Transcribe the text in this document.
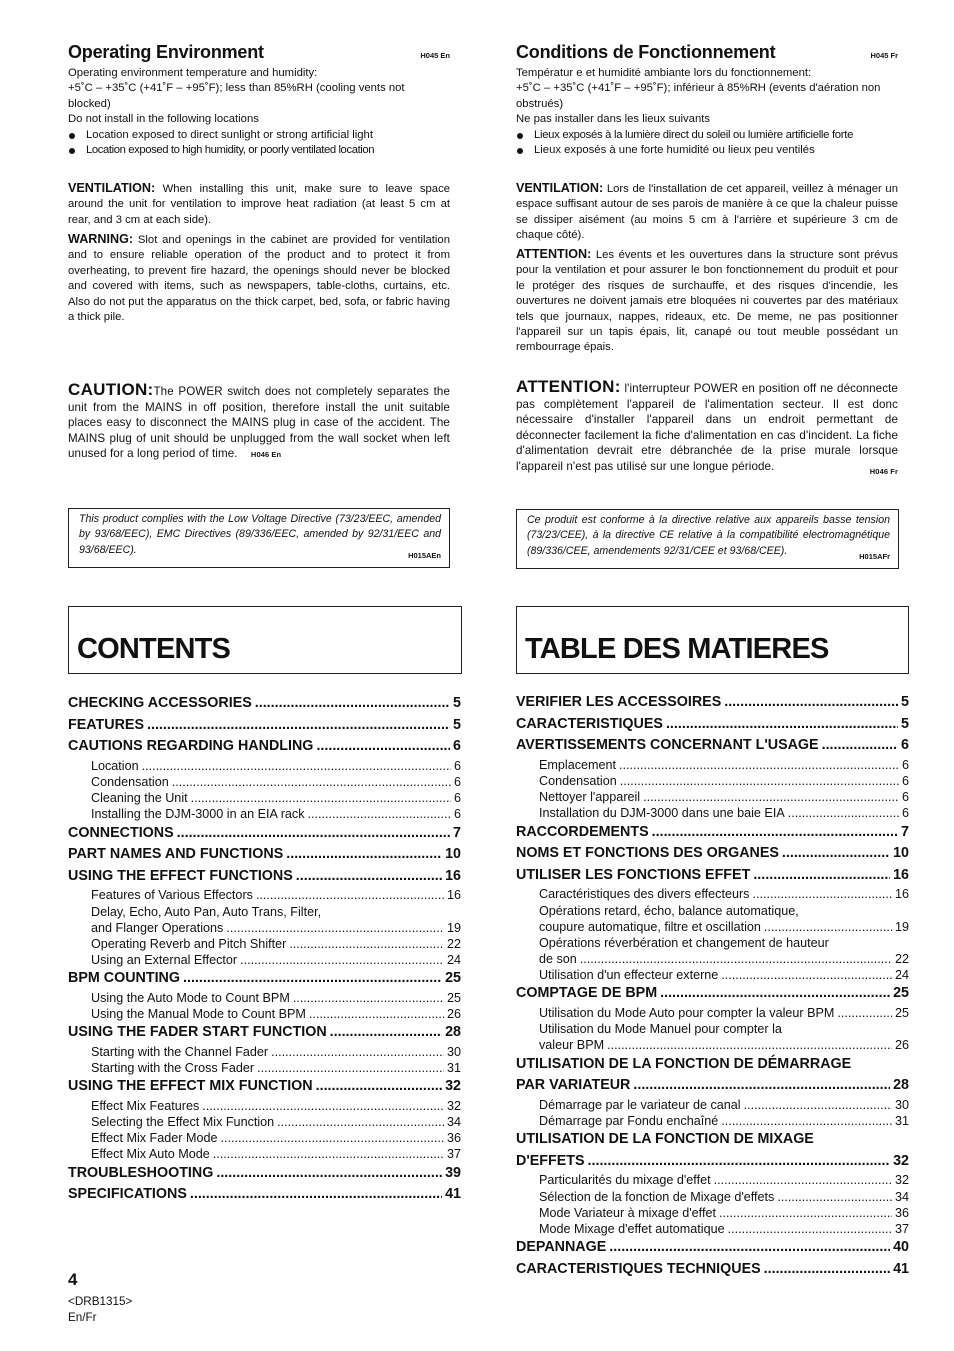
Operating Environment	H045 En
Operating environment temperature and humidity:
+5˚C – +35˚C (+41˚F – +95˚F); less than 85%RH (cooling vents not blocked)
Do not install in the following locations
Location exposed to direct sunlight or strong artificial light
Location exposed to high humidity, or poorly ventilated location
VENTILATION: When installing this unit, make sure to leave space around the unit for ventilation to improve heat radiation (at least 5 cm at rear, and 3 cm at each side).
WARNING: Slot and openings in the cabinet are provided for ventilation and to ensure reliable operation of the product and to protect it from overheating, to prevent fire hazard, the openings should never be blocked and covered with items, such as newspapers, table-cloths, curtains, etc. Also do not put the apparatus on the thick carpet, bed, sofa, or fabric having a thick pile.
CAUTION:The POWER switch does not completely separates the unit from the MAINS in off position, therefore install the unit suitable places easy to disconnect the MAINS plug in case of the accident. The MAINS plug of unit should be unplugged from the wall socket when left unused for a long period of time. H046 En
This product complies with the Low Voltage Directive (73/23/EEC, amended by 93/68/EEC), EMC Directives (89/336/EEC, amended by 92/31/EEC and 93/68/EEC).	H015AEn
CONTENTS
CHECKING ACCESSORIES .....	5
FEATURES .....	5
CAUTIONS REGARDING HANDLING .....	6
Location .....	6
Condensation .....	6
Cleaning the Unit .....	6
Installing the DJM-3000 in an EIA rack .....	6
CONNECTIONS .....	7
PART NAMES AND FUNCTIONS .....	10
USING THE EFFECT FUNCTIONS .....	16
Features of Various Effectors .....	16
Delay, Echo, Auto Pan, Auto Trans, Filter,
and Flanger Operations .....	19
Operating Reverb and Pitch Shifter .....	22
Using an External Effector .....	24
BPM COUNTING .....	25
Using the Auto Mode to Count BPM .....	25
Using the Manual Mode to Count BPM .....	26
USING THE FADER START FUNCTION .....	28
Starting with the Channel Fader .....	30
Starting with the Cross Fader .....	31
USING THE EFFECT MIX FUNCTION .....	32
Effect Mix Features .....	32
Selecting the Effect Mix Function .....	34
Effect Mix Fader Mode .....	36
Effect Mix Auto Mode .....	37
TROUBLESHOOTING .....	39
SPECIFICATIONS .....	41
Conditions de Fonctionnement	H045 Fr
Températur e et humidité ambiante lors du fonctionnement:
+5˚C – +35˚C (+41˚F – +95˚F); inférieur à 85%RH (events d'aération non obstrués)
Ne pas installer dans les lieux suivants
Lieux exposés à la lumière direct du soleil ou lumière artificielle forte
Lieux exposés à une forte humidité ou lieux peu ventilés
VENTILATION: Lors de l'installation de cet appareil, veillez à ménager un espace suffisant autour de ses parois de manière à ce que la chaleur puisse se dissiper aisément (au moins 5 cm à l'arrière et supérieure 3 cm de chaque côté).
ATTENTION: Les évents et les ouvertures dans la structure sont prévus pour la ventilation et pour assurer le bon fonctionnement du produit et pour le protéger des risques de surchauffe, et des risques d'incendie, les ouvertures ne doivent jamais etre bloquées ni couvertes par des matériaux tels que journaux, nappes, rideaux, etc. De meme, ne pas positionner l'appareil sur un tapis épais, lit, canapé ou tout meuble possédant un rembourrage épais.
ATTENTION: l'interrupteur POWER en position off ne déconnecte pas complètement l'appareil de l'alimentation secteur. Il est donc nécessaire d'installer l'appareil dans un endroit permettant de déconnecter facilement la fiche d'alimentation en cas d'incident. La fiche d'alimentation devrait etre débranchée de la prise murale lorsque l'appareil n'est pas utilisé sur une longue période.	H046 Fr
Ce produit est conforme à la directive relative aux appareils basse tension (73/23/CEE), à la directive CE relative à la compatibilité electromagnétique (89/336/CEE, amendements 92/31/CEE et 93/68/CEE).	H015AFr
TABLE DES MATIERES
VERIFIER LES ACCESSOIRES .....	5
CARACTERISTIQUES .....	5
AVERTISSEMENTS CONCERNANT L'USAGE .....	6
Emplacement .....	6
Condensation .....	6
Nettoyer l'appareil .....	6
Installation du DJM-3000 dans une baie EIA .....	6
RACCORDEMENTS .....	7
NOMS ET FONCTIONS DES ORGANES .....	10
UTILISER LES FONCTIONS EFFET .....	16
Caractéristiques des divers effecteurs .....	16
Opérations retard, écho, balance automatique,
coupure automatique, filtre et oscillation .....	19
Opérations réverbération et changement de hauteur
de son .....	22
Utilisation d'un effecteur externe .....	24
COMPTAGE DE BPM .....	25
Utilisation du Mode Auto pour compter la valeur BPM .....	25
Utilisation du Mode Manuel pour compter la
valeur BPM .....	26
UTILISATION DE LA FONCTION DE DÉMARRAGE
PAR VARIATEUR .....	28
Démarrage par le variateur de canal .....	30
Démarrage par Fondu enchaîné .....	31
UTILISATION DE LA FONCTION DE MIXAGE
D'EFFETS .....	32
Particularités du mixage d'effet .....	32
Sélection de la fonction de Mixage d'effets .....	34
Mode Variateur à mixage d'effet .....	36
Mode Mixage d'effet automatique .....	37
DEPANNAGE .....	40
CARACTERISTIQUES TECHNIQUES .....	41
4
<DRB1315>
En/Fr
